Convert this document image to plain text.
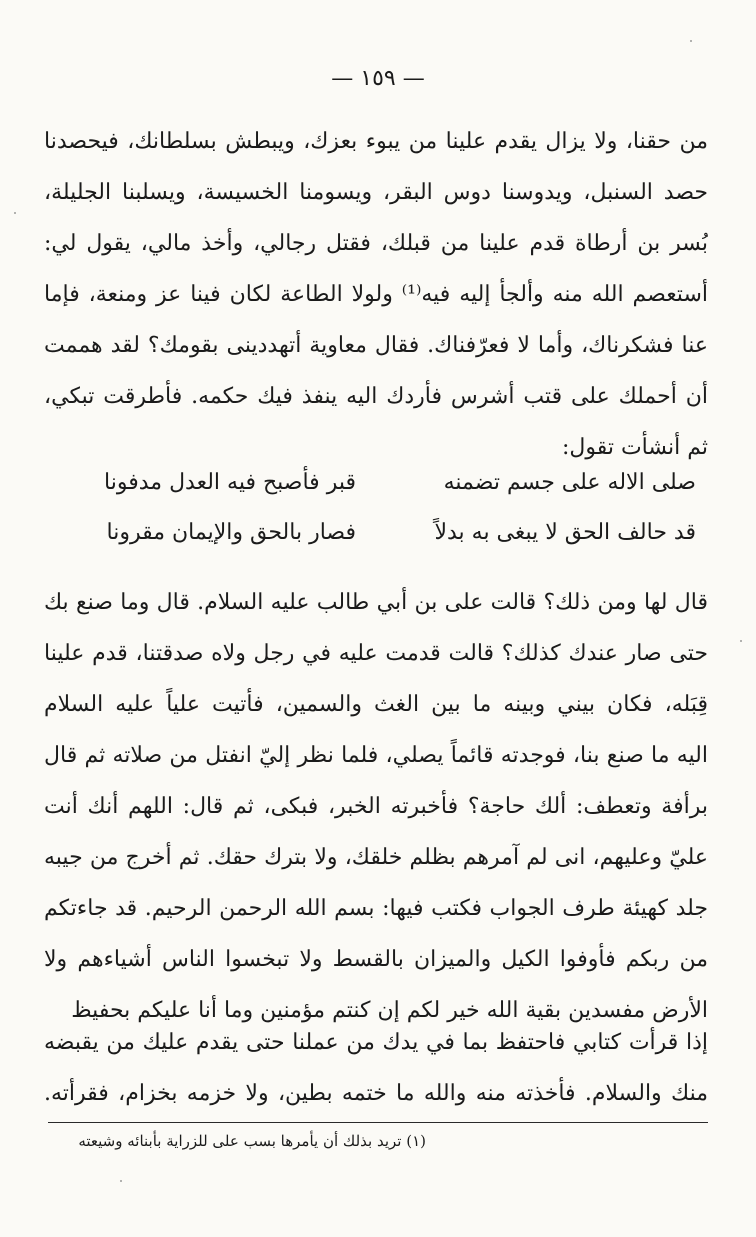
— ١٥٩ —
من حقنا، ولا يزال يقدم علينا من يبوء بعزك، ويبطش بسلطانك، فيحصدنا
حصد السنبل، ويدوسنا دوس البقر، ويسومنا الخسيسة، ويسلبنا الجليلة،
بُسر بن أرطاة قدم علينا من قبلك، فقتل رجالي، وأخذ مالي، يقول لي:
أستعصم الله منه وألجأ إليه فيه⁽¹⁾ ولولا الطاعة لكان فينا عز ومنعة، فإما
عنا فشكرناك، وأما لا فعرّفناك. فقال معاوية أتهددينى بقومك؟ لقد هممت
أن أحملك على قتب أشرس فأردك اليه ينفذ فيك حكمه. فأطرقت تبكي،
ثم أنشأت تقول:
صلى الاله على جسم تضمنه
قبر فأصبح فيه العدل مدفونا
قد حالف الحق لا يبغى به بدلاً
فصار بالحق والإيمان مقرونا
قال لها ومن ذلك؟ قالت على بن أبي طالب عليه السلام. قال وما صنع بك
حتى صار عندك كذلك؟ قالت قدمت عليه في رجل ولاه صدقتنا، قدم علينا
قِبَله، فكان بيني وبينه ما بين الغث والسمين، فأتيت علياً عليه السلام
اليه ما صنع بنا، فوجدته قائماً يصلي، فلما نظر إليّ انفتل من صلاته ثم قال
برأفة وتعطف: ألك حاجة؟ فأخبرته الخبر، فبكى، ثم قال: اللهم أنك أنت
عليّ وعليهم، انى لم آمرهم بظلم خلقك، ولا بترك حقك. ثم أخرج من جيبه
جلد كهيئة طرف الجواب فكتب فيها: بسم الله الرحمن الرحيم. قد جاءتكم
من ربكم فأوفوا الكيل والميزان بالقسط ولا تبخسوا الناس أشياءهم ولا
الأرض مفسدين بقية الله خير لكم إن كنتم مؤمنين وما أنا عليكم بحفيظ
إذا قرأت كتابي فاحتفظ بما في يدك من عملنا حتى يقدم عليك من يقبضه
منك والسلام. فأخذته منه والله ما ختمه بطين، ولا خزمه بخزام، فقرأته.
(١) تريد بذلك أن يأمرها بسب على للزراية بأبنائه وشيعته
